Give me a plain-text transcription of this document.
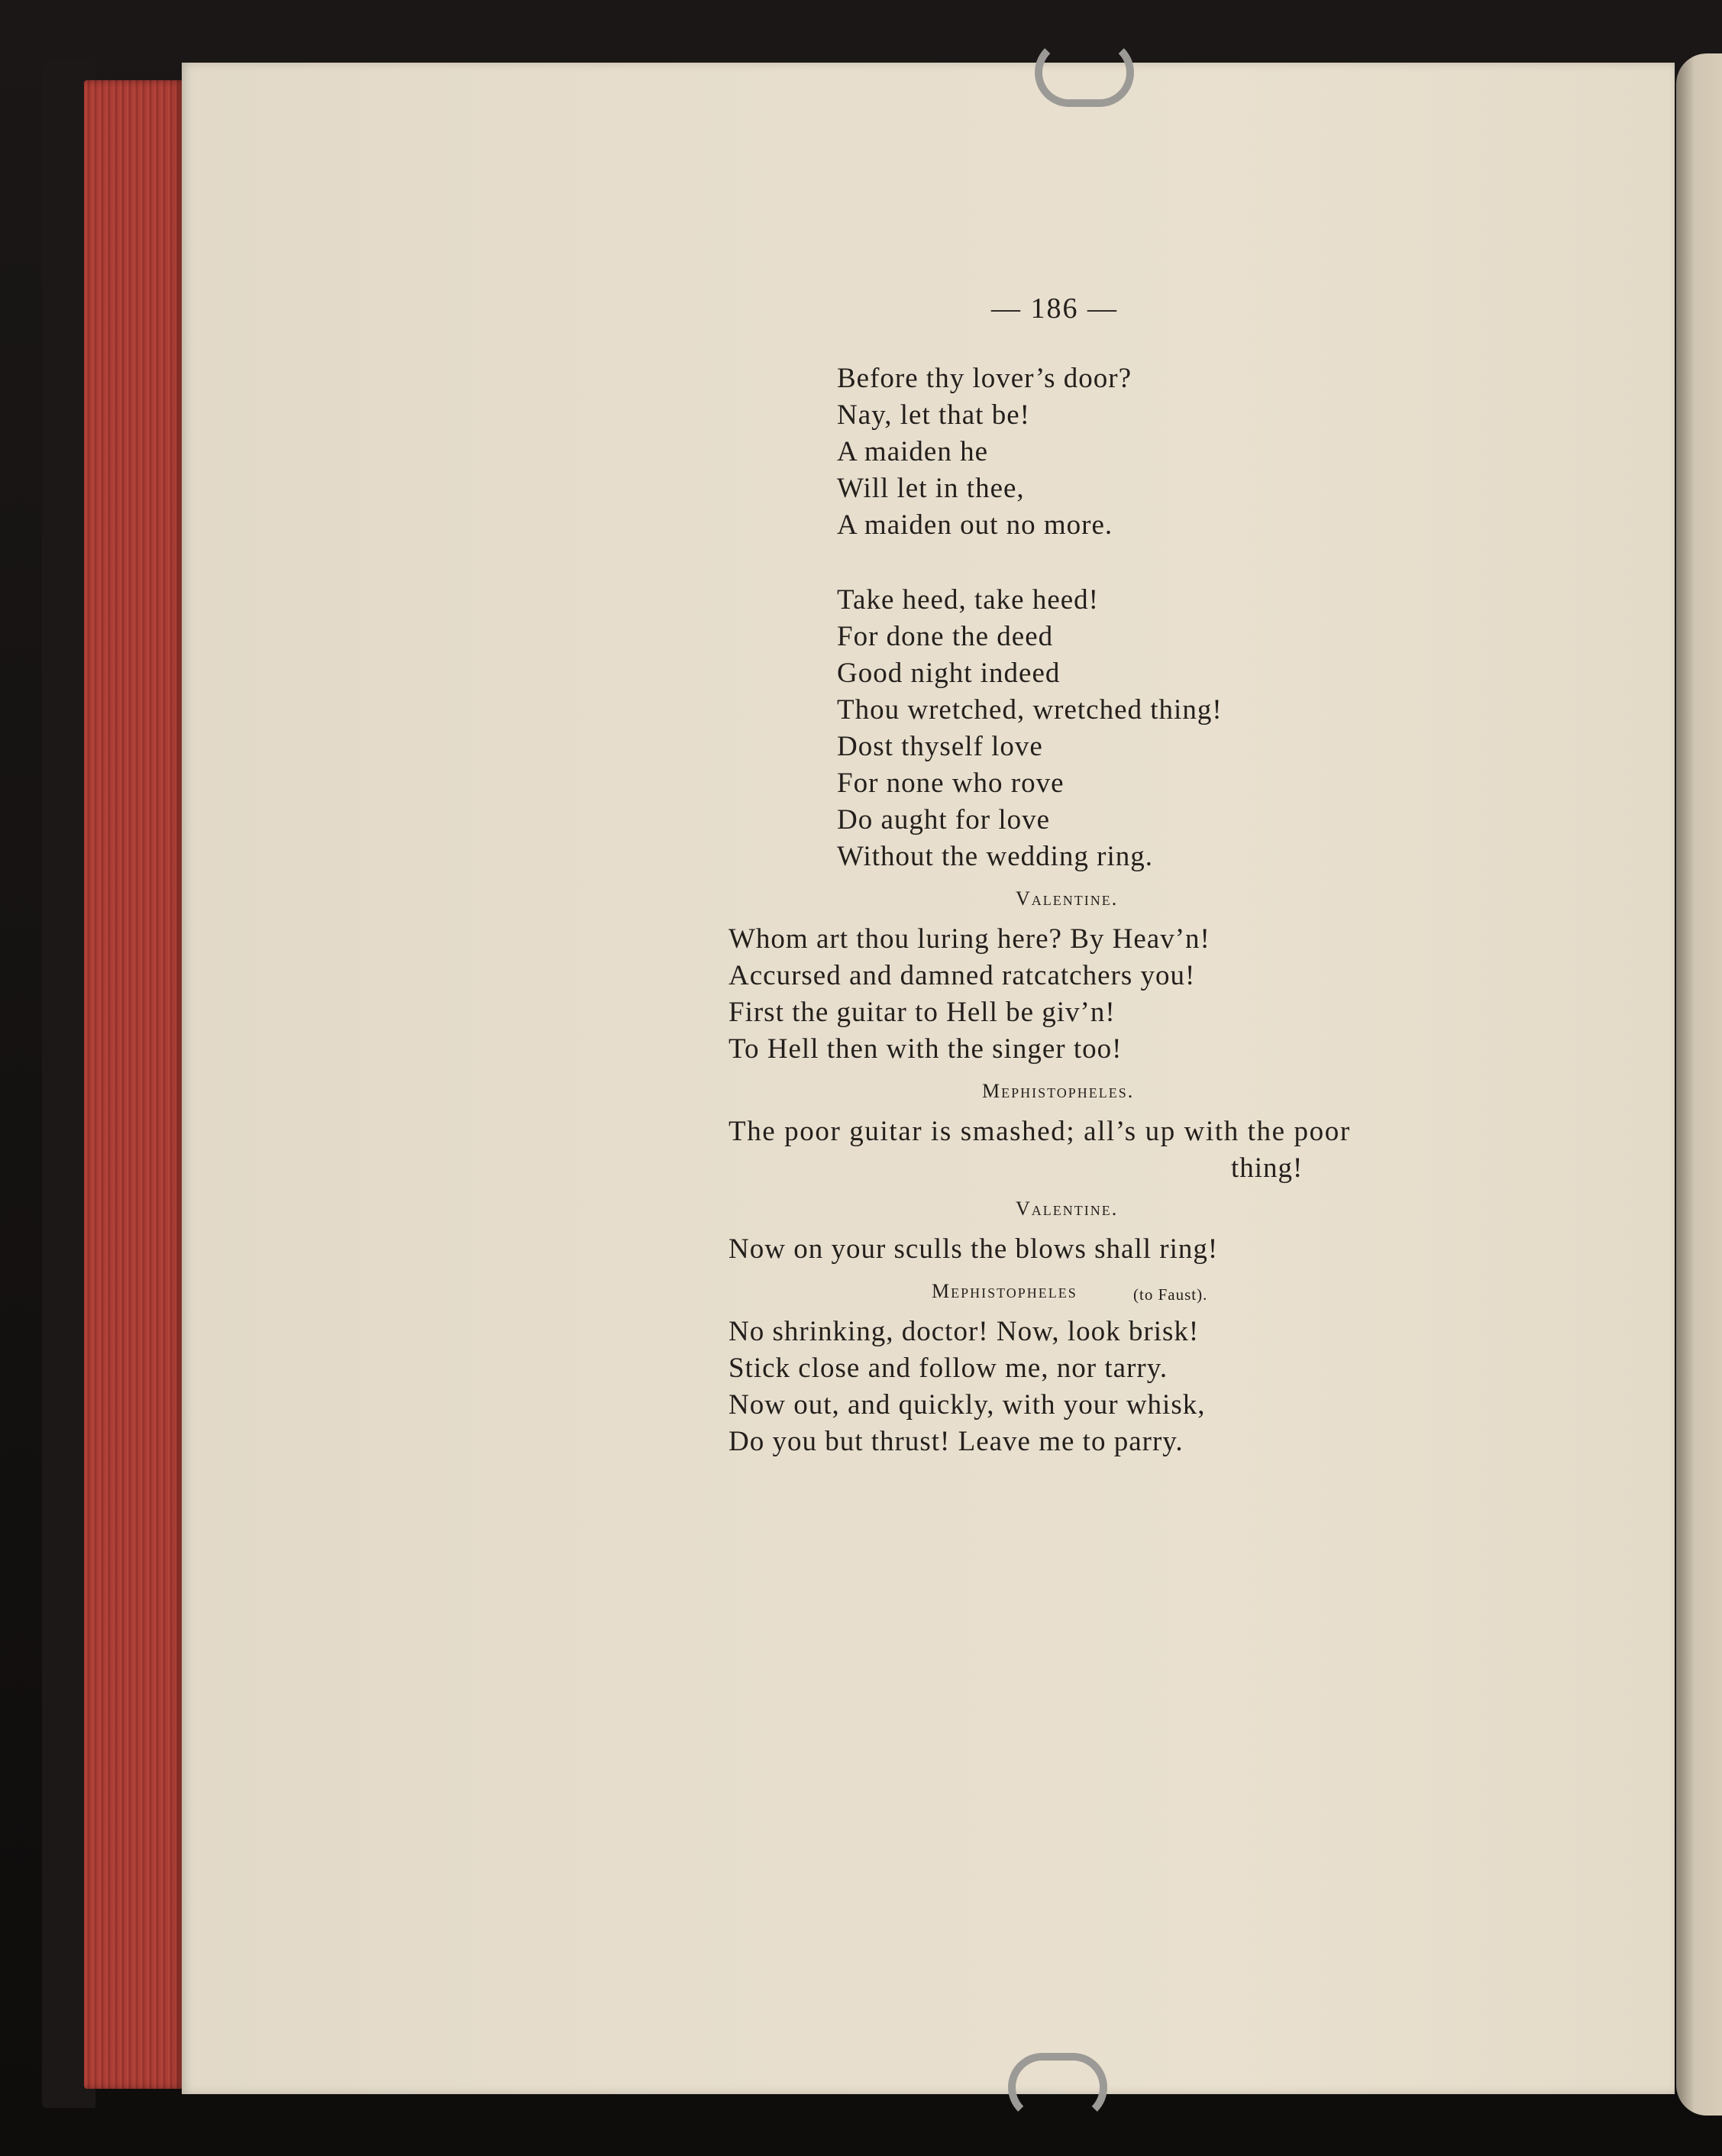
— 186 —
Before thy lover’s door?
Nay, let that be!
A maiden he
Will let in thee,
A maiden out no more.
Take heed, take heed!
For done the deed
Good night indeed
Thou wretched, wretched thing!
Dost thyself love
For none who rove
Do aught for love
Without the wedding ring.
Valentine.
Whom art thou luring here? By Heav’n!
Accursed and damned ratcatchers you!
First the guitar to Hell be giv’n!
To Hell then with the singer too!
Mephistopheles.
The poor guitar is smashed; all’s up with the poor
thing!
Valentine.
Now on your sculls the blows shall ring!
Mephistopheles	(to Faust).
No shrinking, doctor! Now, look brisk!
Stick close and follow me, nor tarry.
Now out, and quickly, with your whisk,
Do you but thrust! Leave me to parry.
